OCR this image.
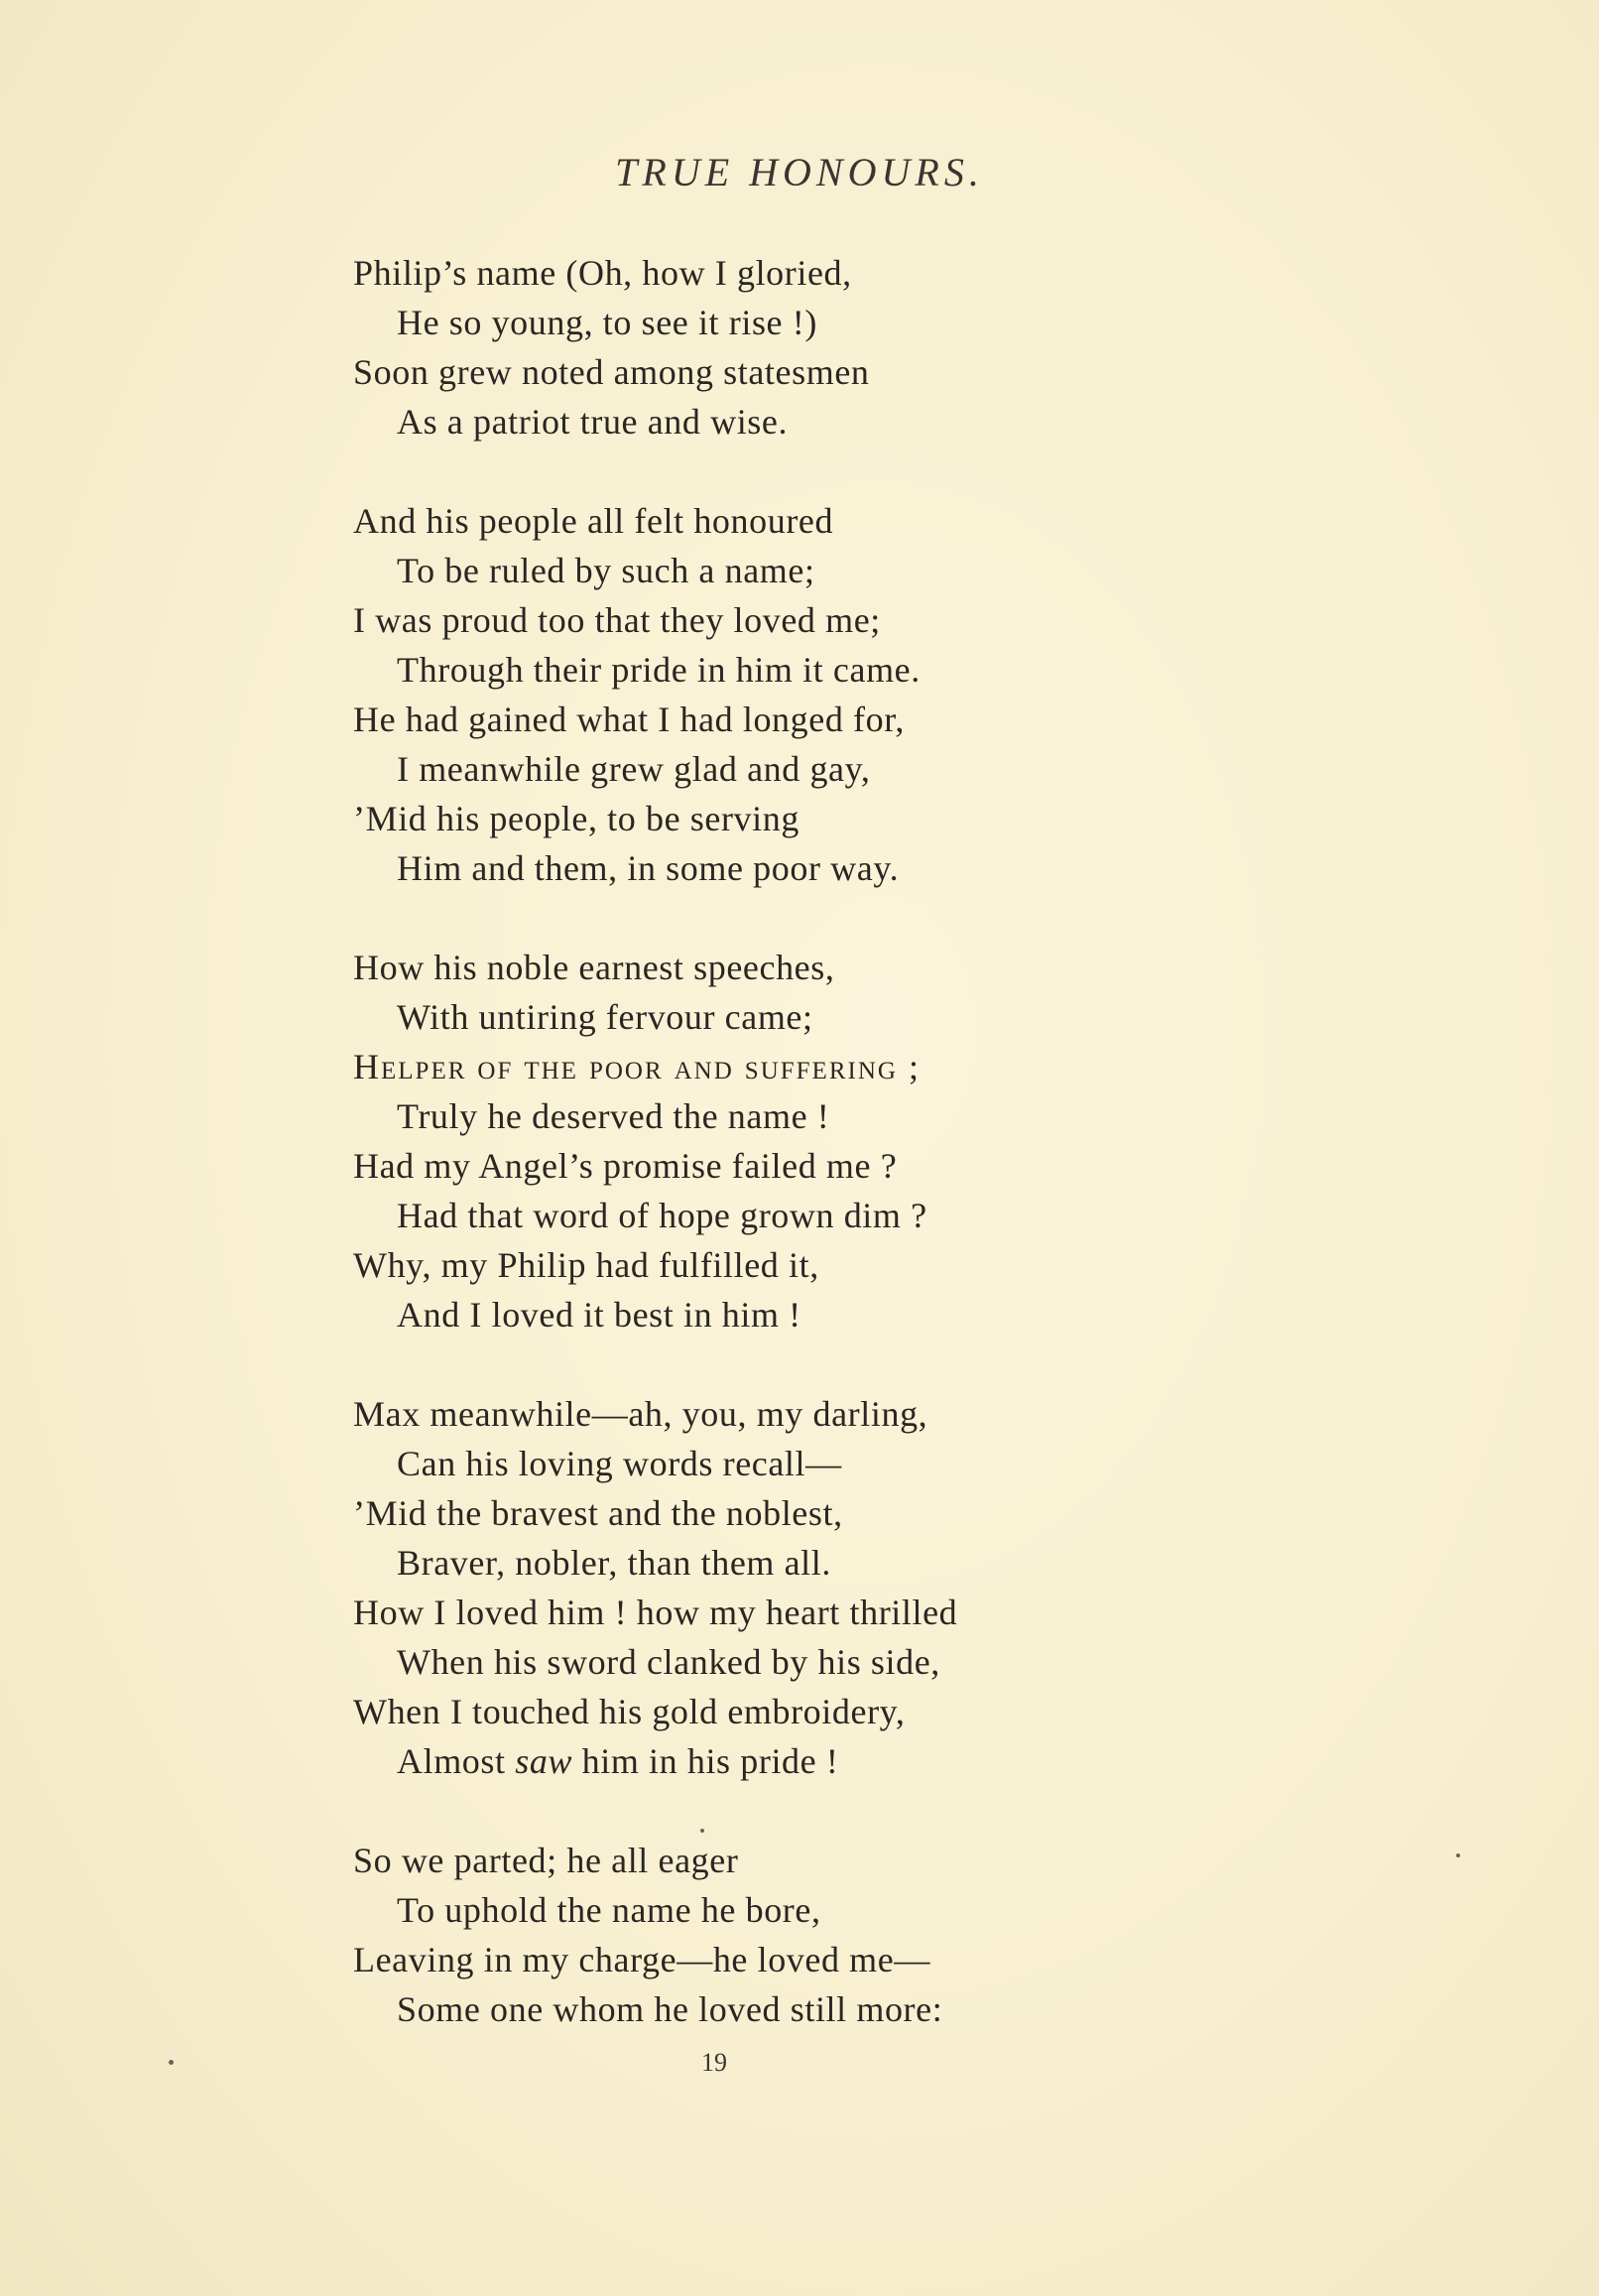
TRUE HONOURS.
Philip’s name (Oh, how I gloried,
He so young, to see it rise !)
Soon grew noted among statesmen
As a patriot true and wise.
And his people all felt honoured
To be ruled by such a name;
I was proud too that they loved me;
Through their pride in him it came.
He had gained what I had longed for,
I meanwhile grew glad and gay,
’Mid his people, to be serving
Him and them, in some poor way.
How his noble earnest speeches,
With untiring fervour came;
Helper of the poor and suffering ;
Truly he deserved the name !
Had my Angel’s promise failed me ?
Had that word of hope grown dim ?
Why, my Philip had fulfilled it,
And I loved it best in him !
Max meanwhile—ah, you, my darling,
Can his loving words recall—
’Mid the bravest and the noblest,
Braver, nobler, than them all.
How I loved him ! how my heart thrilled
When his sword clanked by his side,
When I touched his gold embroidery,
Almost saw him in his pride !
So we parted; he all eager
To uphold the name he bore,
Leaving in my charge—he loved me—
Some one whom he loved still more:
19
